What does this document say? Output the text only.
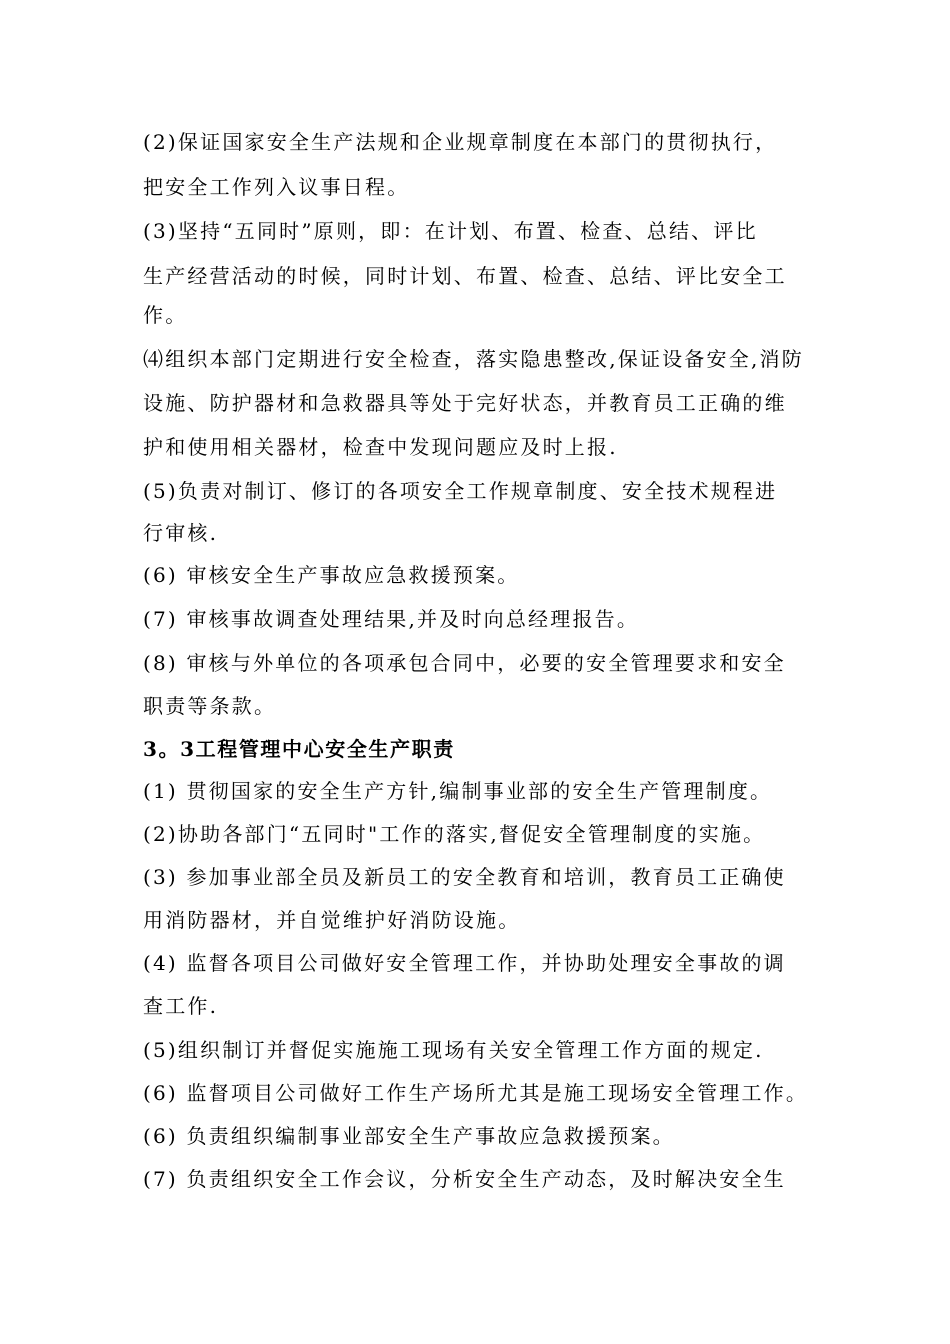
(2)保证国家安全生产法规和企业规章制度在本部门的贯彻执行，
把安全工作列入议事日程。
(3)坚持“五同时”原则，即：在计划、布置、检查、总结、评比
生产经营活动的时候，同时计划、布置、检查、总结、评比安全工
作。
⑷组织本部门定期进行安全检查，落实隐患整改,保证设备安全,消防
设施、防护器材和急救器具等处于完好状态，并教育员工正确的维
护和使用相关器材，检查中发现问题应及时上报.
(5)负责对制订、修订的各项安全工作规章制度、安全技术规程进
行审核.
(6) 审核安全生产事故应急救援预案。
(7) 审核事故调查处理结果,并及时向总经理报告。
(8) 审核与外单位的各项承包合同中，必要的安全管理要求和安全
职责等条款。
3。3工程管理中心安全生产职责
(1) 贯彻国家的安全生产方针,编制事业部的安全生产管理制度。
(2)协助各部门“五同时"工作的落实,督促安全管理制度的实施。
(3) 参加事业部全员及新员工的安全教育和培训，教育员工正确使
用消防器材，并自觉维护好消防设施。
(4) 监督各项目公司做好安全管理工作，并协助处理安全事故的调
查工作.
(5)组织制订并督促实施施工现场有关安全管理工作方面的规定.
(6) 监督项目公司做好工作生产场所尤其是施工现场安全管理工作。
(6) 负责组织编制事业部安全生产事故应急救援预案。
(7) 负责组织安全工作会议，分析安全生产动态，及时解决安全生
